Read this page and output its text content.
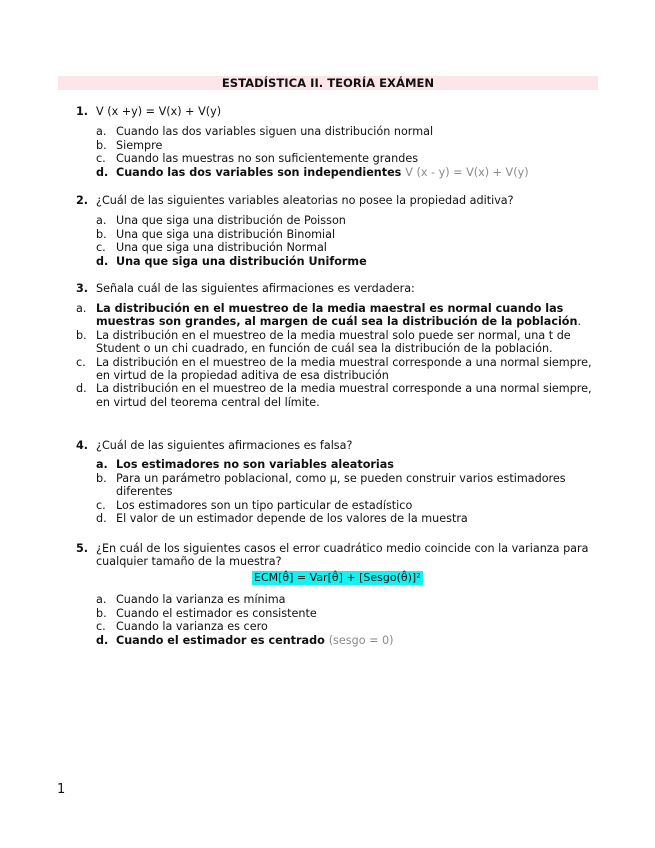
ESTADÍSTICA II. TEORÍA EXÁMEN
1. V (x +y) = V(x) + V(y)
a. Cuando las dos variables siguen una distribución normal
b. Siempre
c. Cuando las muestras no son suficientemente grandes
d. Cuando las dos variables son independientes V (x - y) = V(x) + V(y)
2. ¿Cuál de las siguientes variables aleatorias no posee la propiedad aditiva?
a. Una que siga una distribución de Poisson
b. Una que siga una distribución Binomial
c. Una que siga una distribución Normal
d. Una que siga una distribución Uniforme
3. Señala cuál de las siguientes afirmaciones es verdadera:
a. La distribución en el muestreo de la media maestral es normal cuando las muestras son grandes, al margen de cuál sea la distribución de la población.
b. La distribución en el muestreo de la media muestral solo puede ser normal, una t de Student o un chi cuadrado, en función de cuál sea la distribución de la población.
c. La distribución en el muestreo de la media muestral corresponde a una normal siempre, en virtud de la propiedad aditiva de esa distribución
d. La distribución en el muestreo de la media muestral corresponde a una normal siempre, en virtud del teorema central del límite.
4. ¿Cuál de las siguientes afirmaciones es falsa?
a. Los estimadores no son variables aleatorias
b. Para un parámetro poblacional, como μ, se pueden construir varios estimadores diferentes
c. Los estimadores son un tipo particular de estadístico
d. El valor de un estimador depende de los valores de la muestra
5. ¿En cuál de los siguientes casos el error cuadrático medio coincide con la varianza para cualquier tamaño de la muestra?
ECM[θ̂] = Var[θ̂] + [Sesgo(θ̂)]²
a. Cuando la varianza es mínima
b. Cuando el estimador es consistente
c. Cuando la varianza es cero
d. Cuando el estimador es centrado (sesgo = 0)
1
